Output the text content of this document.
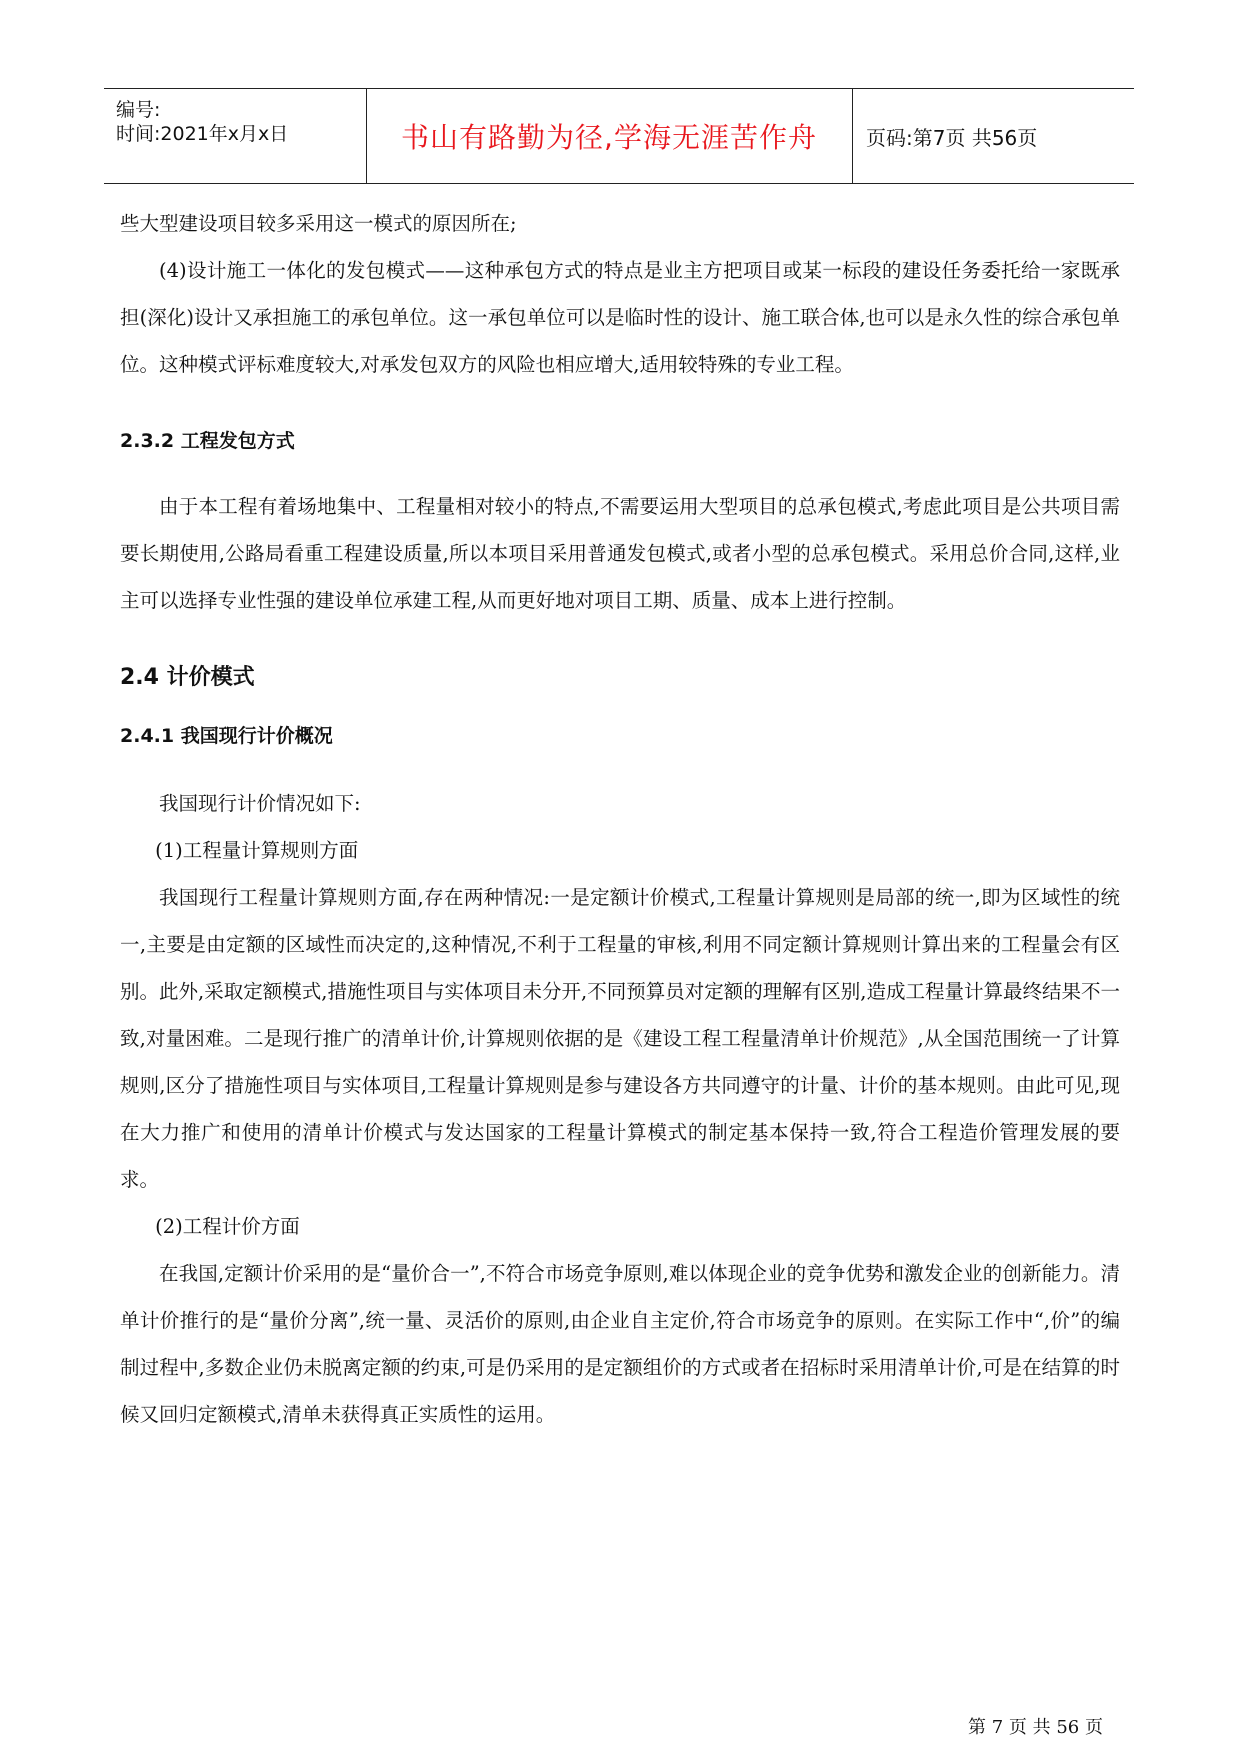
编号:
时间:2021年x月x日	书山有路勤为径,学海无涯苦作舟	页码:第7页 共56页

些大型建设项目较多采用这一模式的原因所在;

(4)设计施工一体化的发包模式——这种承包方式的特点是业主方把项目或某一标段的建设任务委托给一家既承担(深化)设计又承担施工的承包单位。这一承包单位可以是临时性的设计、施工联合体,也可以是永久性的综合承包单位。这种模式评标难度较大,对承发包双方的风险也相应增大,适用较特殊的专业工程。

2.3.2 工程发包方式

由于本工程有着场地集中、工程量相对较小的特点,不需要运用大型项目的总承包模式,考虑此项目是公共项目需要长期使用,公路局看重工程建设质量,所以本项目采用普通发包模式,或者小型的总承包模式。采用总价合同,这样,业主可以选择专业性强的建设单位承建工程,从而更好地对项目工期、质量、成本上进行控制。

2.4 计价模式
2.4.1 我国现行计价概况

我国现行计价情况如下:

(1)工程量计算规则方面

我国现行工程量计算规则方面,存在两种情况:一是定额计价模式,工程量计算规则是局部的统一,即为区域性的统一,主要是由定额的区域性而决定的,这种情况,不利于工程量的审核,利用不同定额计算规则计算出来的工程量会有区别。此外,采取定额模式,措施性项目与实体项目未分开,不同预算员对定额的理解有区别,造成工程量计算最终结果不一致,对量困难。二是现行推广的清单计价,计算规则依据的是《建设工程工程量清单计价规范》,从全国范围统一了计算规则,区分了措施性项目与实体项目,工程量计算规则是参与建设各方共同遵守的计量、计价的基本规则。由此可见,现在大力推广和使用的清单计价模式与发达国家的工程量计算模式的制定基本保持一致,符合工程造价管理发展的要求。

(2)工程计价方面

在我国,定额计价采用的是“量价合一”,不符合市场竞争原则,难以体现企业的竞争优势和激发企业的创新能力。清单计价推行的是“量价分离”,统一量、灵活价的原则,由企业自主定价,符合市场竞争的原则。在实际工作中“,价”的编制过程中,多数企业仍未脱离定额的约束,可是仍采用的是定额组价的方式或者在招标时采用清单计价,可是在结算的时候又回归定额模式,清单未获得真正实质性的运用。

第 7 页 共 56 页
